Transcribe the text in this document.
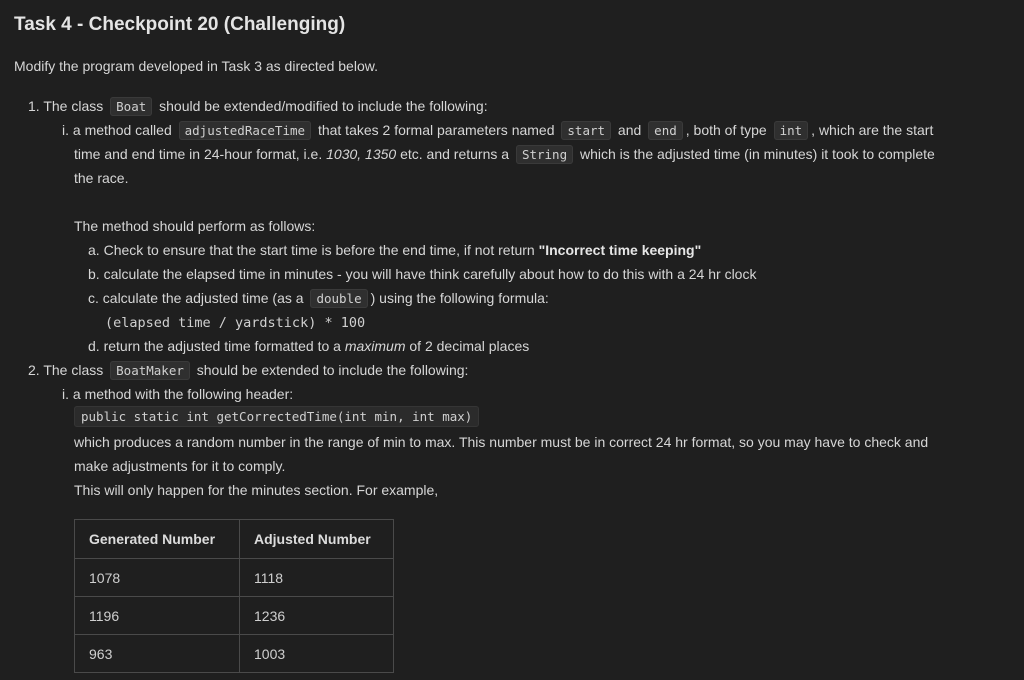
Task 4 - Checkpoint 20 (Challenging)
Modify the program developed in Task 3 as directed below.
1. The class Boat should be extended/modified to include the following:
i. a method called adjustedRaceTime that takes 2 formal parameters named start and end , both of type int , which are the start
time and end time in 24-hour format, i.e. 1030, 1350 etc. and returns a String which is the adjusted time (in minutes) it took to complete
the race.
The method should perform as follows:
a. Check to ensure that the start time is before the end time, if not return "Incorrect time keeping"
b. calculate the elapsed time in minutes - you will have think carefully about how to do this with a 24 hr clock
c. calculate the adjusted time (as a double ) using the following formula:
(elapsed time / yardstick) * 100
d. return the adjusted time formatted to a maximum of 2 decimal places
2. The class BoatMaker should be extended to include the following:
i. a method with the following header:
public static int getCorrectedTime(int min, int max)
which produces a random number in the range of min to max. This number must be in correct 24 hr format, so you may have to check and
make adjustments for it to comply.
This will only happen for the minutes section. For example,
Generated Number	Adjusted Number
1078	1118
1196	1236
963	1003
